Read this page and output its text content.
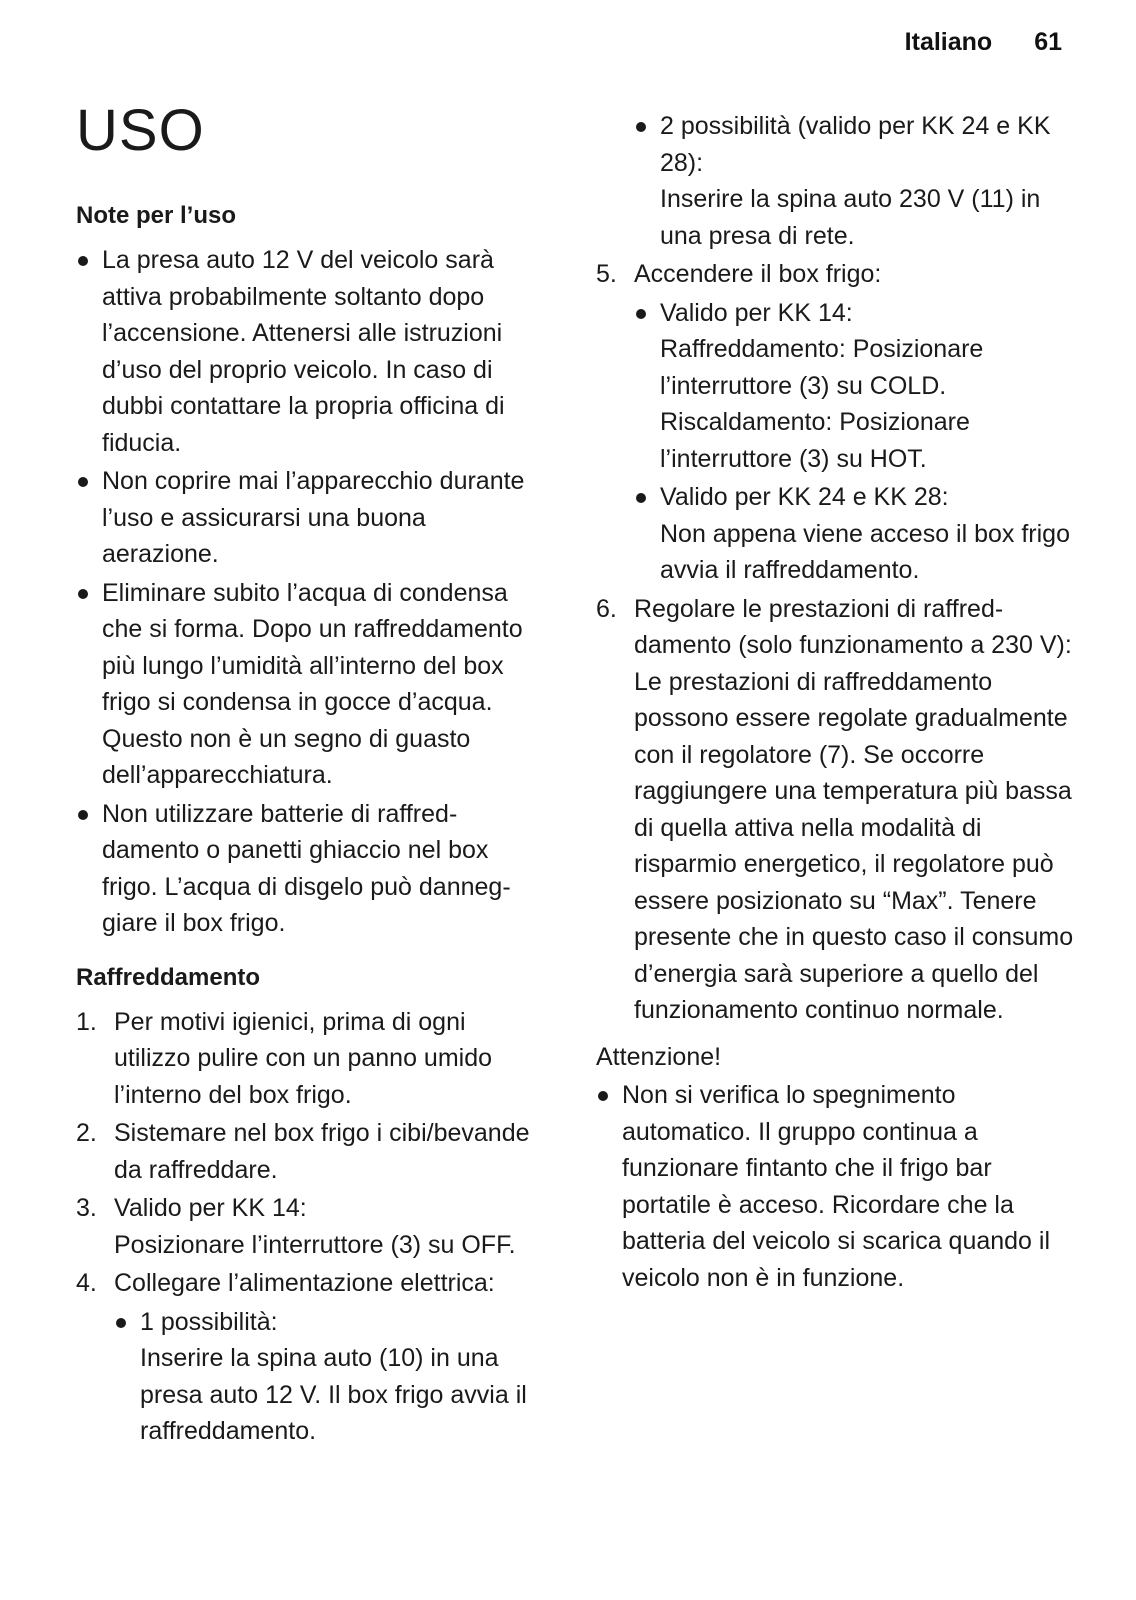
Italiano 61
USO
Note per l’uso
La presa auto 12 V del veicolo sarà attiva probabilmente soltanto dopo l’accensione. Attenersi alle istruzioni d’uso del proprio veicolo. In caso di dubbi contattare la propria officina di fiducia.
Non coprire mai l’apparecchio durante l’uso e assicurarsi una buona aerazione.
Eliminare subito l’acqua di condensa che si forma. Dopo un raffreddamento più lungo l’umidità all’interno del box frigo si condensa in gocce d’acqua. Questo non è un segno di guasto dell’apparecchiatura.
Non utilizzare batterie di raffreddamento o panetti ghiaccio nel box frigo. L’acqua di disgelo può danneggiare il box frigo.
Raffreddamento
1. Per motivi igienici, prima di ogni utilizzo pulire con un panno umido l’interno del box frigo.
2. Sistemare nel box frigo i cibi/bevande da raffreddare.
3. Valido per KK 14:

Posizionare l’interruttore (3) su OFF.

4. Collegare l’alimentazione elettrica:

1 possibilità:

Inserire la spina auto (10) in una presa auto 12 V. Il box frigo avvia il raffreddamento.

2 possibilità (valido per KK 24 e KK 28):

Inserire la spina auto 230 V (11) in una presa di rete.

5. Accendere il box frigo:

Valido per KK 14:

Raffreddamento: Posizionare l’interruttore (3) su COLD.

Riscaldamento: Posizionare l’interruttore (3) su HOT.

Valido per KK 24 e KK 28:

Non appena viene acceso il box frigo avvia il raffreddamento.

6. Regolare le prestazioni di raffreddamento (solo funzionamento a 230 V):

Le prestazioni di raffreddamento possono essere regolate gradualmente con il regolatore (7). Se occorre raggiungere una temperatura più bassa di quella attiva nella modalità di risparmio energetico, il regolatore può essere posizionato su “Max”. Tenere presente che in questo caso il consumo d’energia sarà superiore a quello del funzionamento continuo normale.

Attenzione!

Non si verifica lo spegnimento automatico. Il gruppo continua a funzionare fintanto che il frigo bar portatile è acceso. Ricordare che la batteria del veicolo si scarica quando il veicolo non è in funzione.
